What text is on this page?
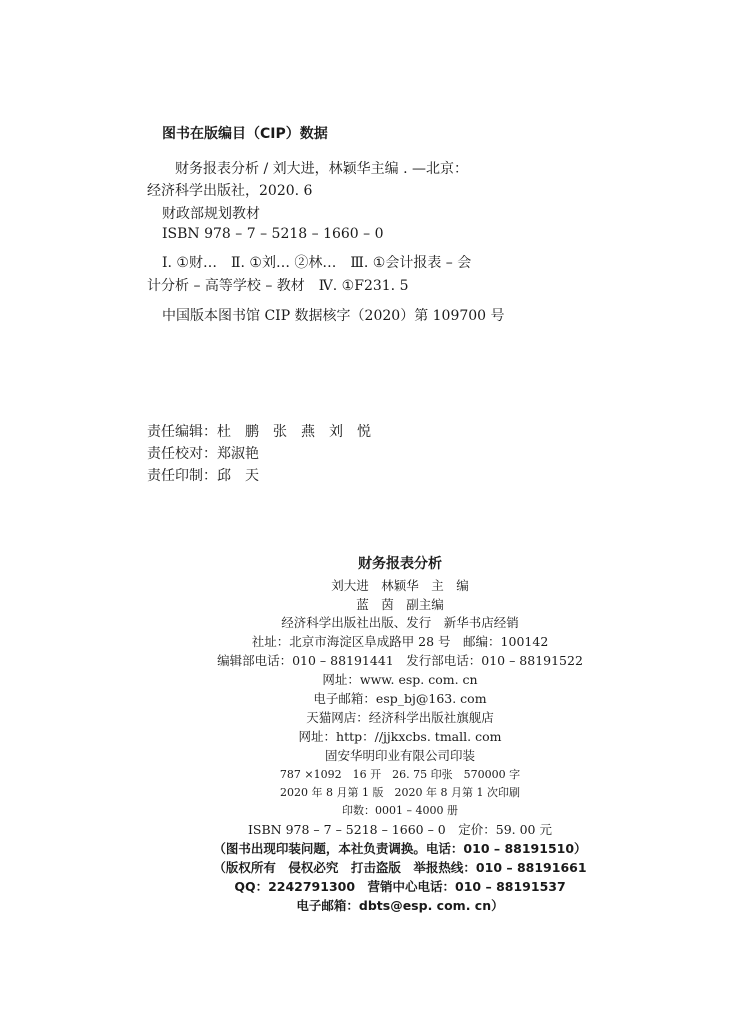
图书在版编目（CIP）数据
财务报表分析 / 刘大进，林颖华主编 . —北京：
经济科学出版社，2020. 6
财政部规划教材
ISBN 978 – 7 – 5218 – 1660 – 0
Ⅰ. ①财…　Ⅱ. ①刘… ②林…　Ⅲ. ①会计报表 – 会
计分析 – 高等学校 – 教材　Ⅳ. ①F231. 5
中国版本图书馆 CIP 数据核字（2020）第 109700 号
责任编辑：杜　鹏　张　燕　刘　悦
责任校对：郑淑艳
责任印制：邱　天
财务报表分析
刘大进　林颖华　主　编
蓝　茵　副主编
经济科学出版社出版、发行　新华书店经销
社址：北京市海淀区阜成路甲 28 号　邮编：100142
编辑部电话：010 – 88191441　发行部电话：010 – 88191522
网址：www. esp. com. cn
电子邮箱：esp_bj@163. com
天猫网店：经济科学出版社旗舰店
网址：http：//jjkxcbs. tmall. com
固安华明印业有限公司印装
787 ×1092　16 开　26. 75 印张　570000 字
2020 年 8 月第 1 版　2020 年 8 月第 1 次印刷
印数：0001 – 4000 册
ISBN 978 – 7 – 5218 – 1660 – 0　定价：59. 00 元
（图书出现印装问题，本社负责调换。电话：010 – 88191510）
（版权所有　侵权必究　打击盗版　举报热线：010 – 88191661
QQ：2242791300　营销中心电话：010 – 88191537
电子邮箱：dbts@esp. com. cn）
